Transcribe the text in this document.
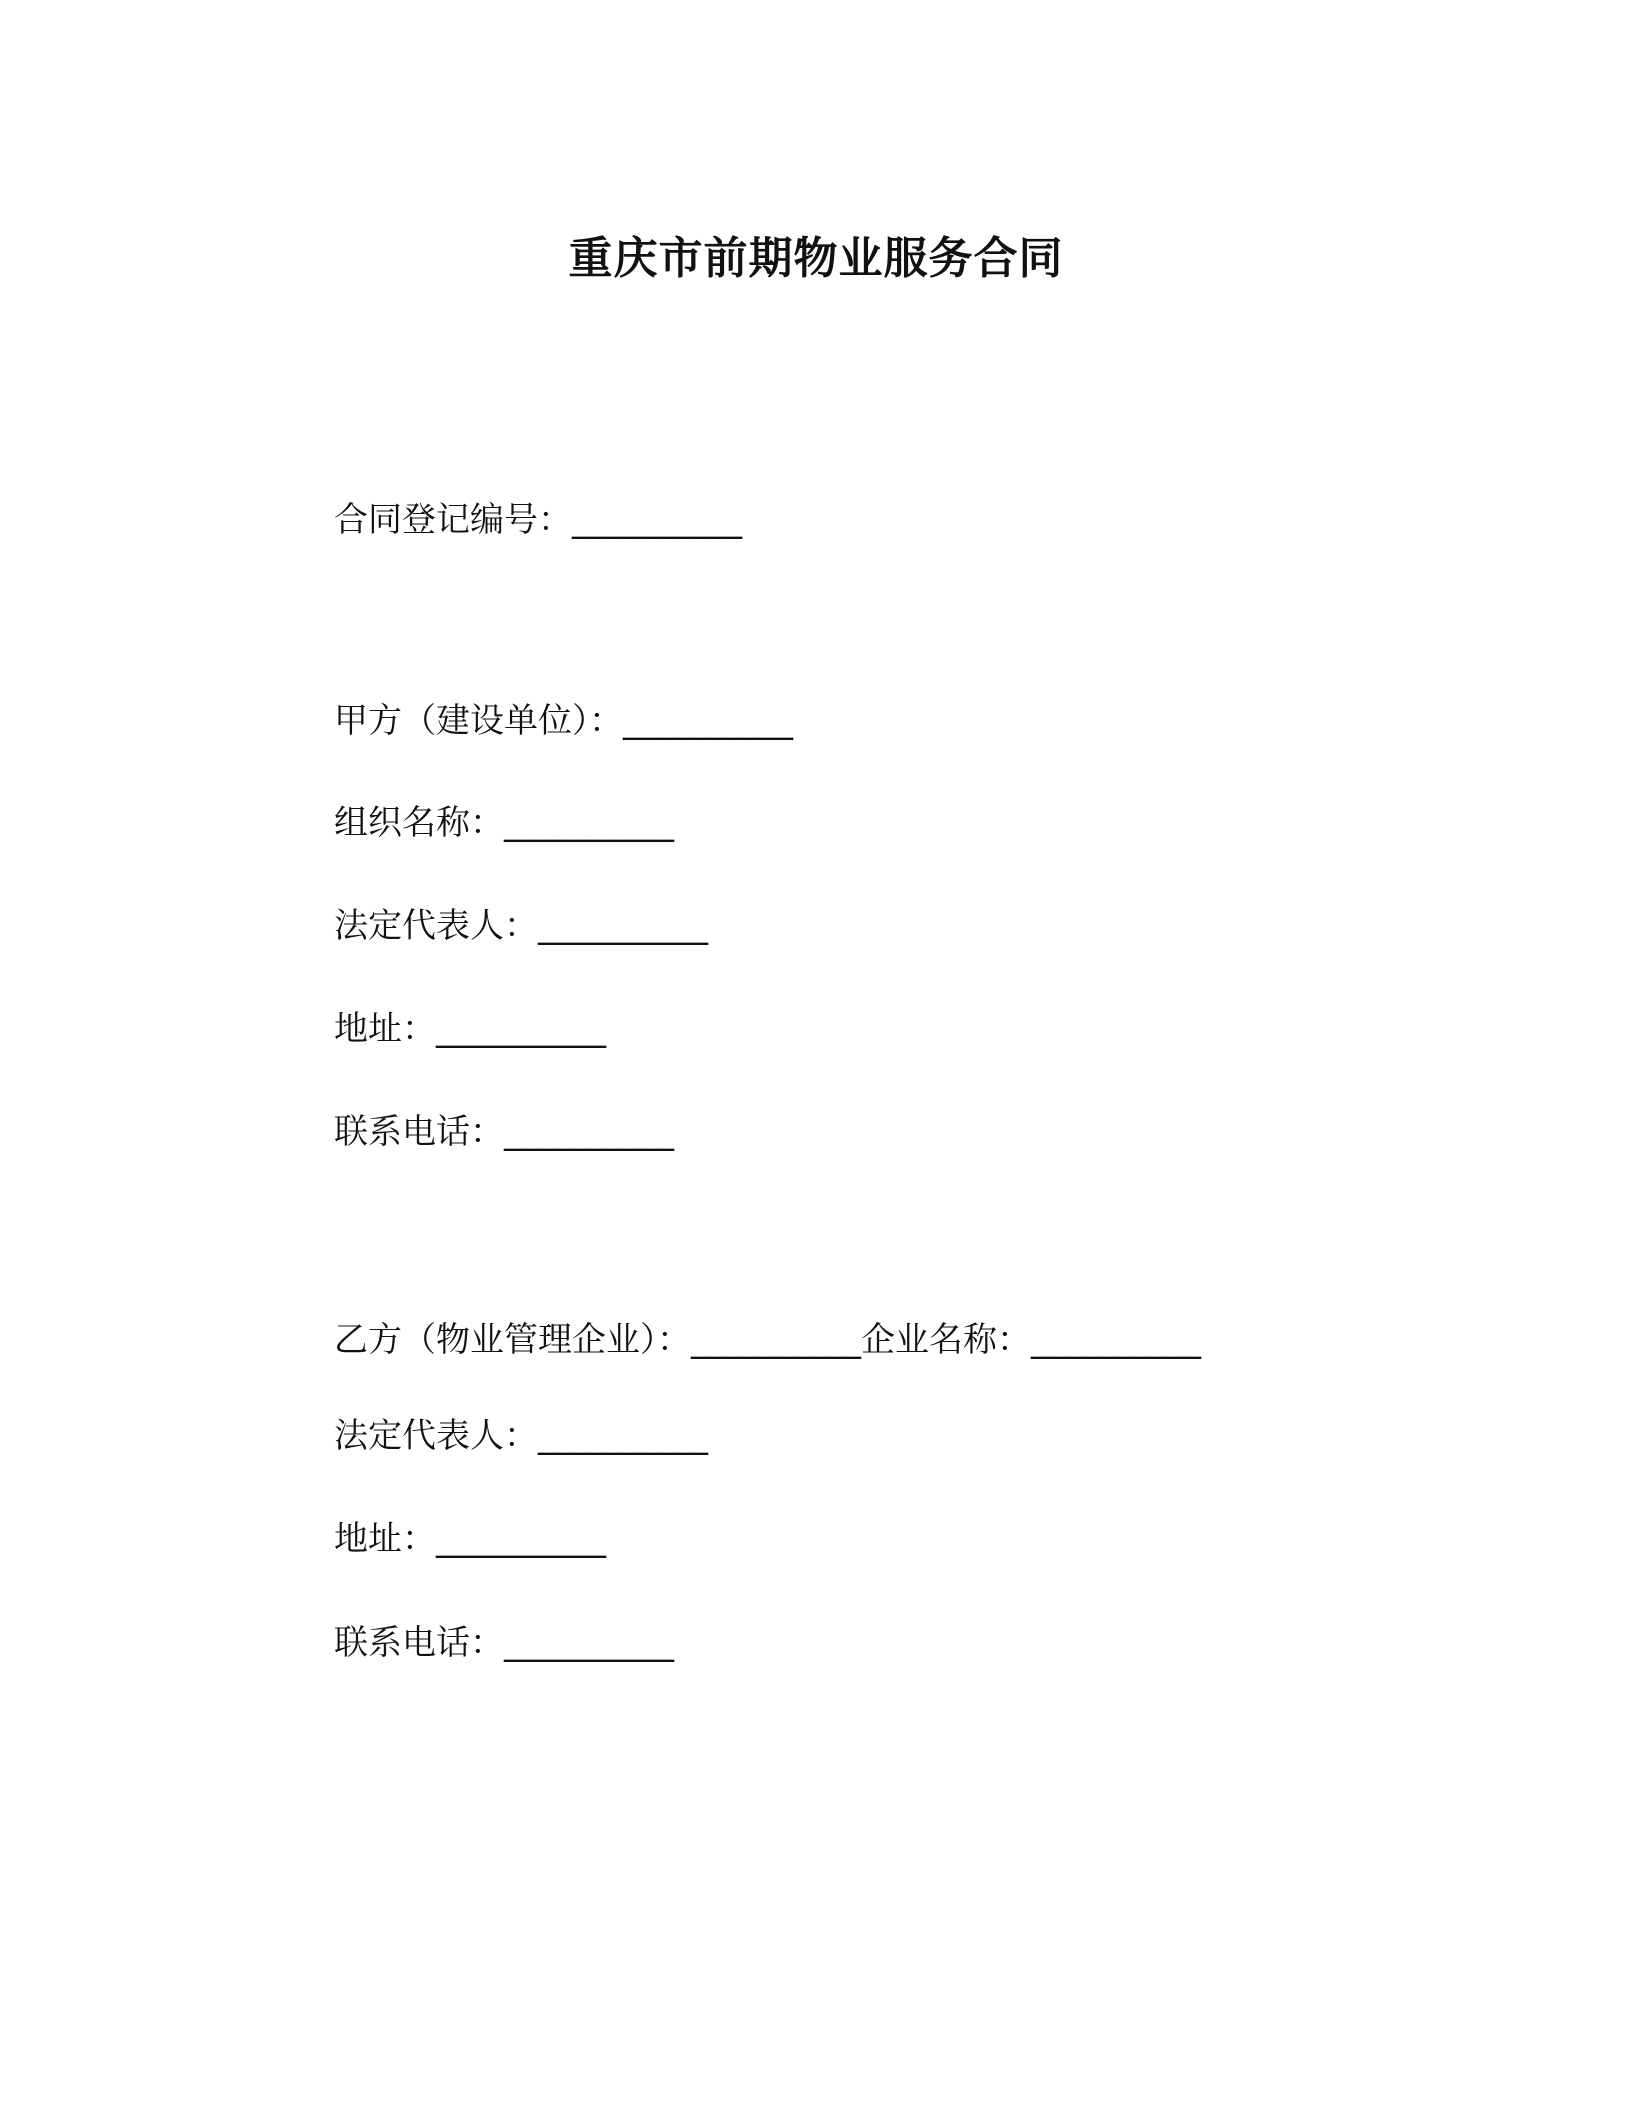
重庆市前期物业服务合同
合同登记编号：__________
甲方（建设单位）：__________
组织名称：__________
法定代表人：__________
地址：__________
联系电话：__________
乙方（物业管理企业）：__________企业名称：__________
法定代表人：__________
地址：__________
联系电话：__________
